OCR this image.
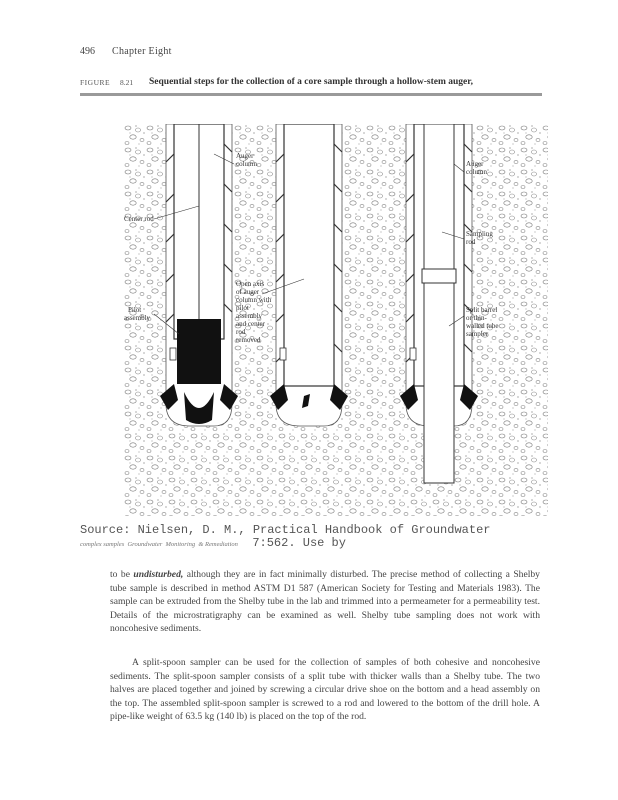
496 Chapter Eight
FIGURE 8.21 Sequential steps for the collection of a core sample through a hollow-stem auger,
Auger column
Center rod
Pilot assembly
Open axis of auger column with pilot assembly and center rod removed
Auger column
Sampling rod
Split barrel or thin- walled tube sampler
Source: Nielsen, D. M., Practical Handbook of Groundwater
complex samples  Groundwater  Monitoring  & Remediation 7:562. Use by
to be undisturbed, although they are in fact minimally disturbed. The precise method of collecting a Shelby tube sample is described in method ASTM D1 587 (American Society for Testing and Materials 1983). The sample can be extruded from the Shelby tube in the lab and trimmed into a permeameter for a permeability test. Details of the microstratigraphy can be examined as well. Shelby tube sampling does not work with noncohesive sediments.
A split-spoon sampler can be used for the collection of samples of both cohesive and noncohesive sediments. The split-spoon sampler consists of a split tube with thicker walls than a Shelby tube. The two halves are placed together and joined by screwing a circular drive shoe on the bottom and a head assembly on the top. The assembled split-spoon sampler is screwed to a rod and lowered to the bottom of the drill hole. A pipe-like weight of 63.5 kg (140 lb) is placed on the top of the rod.
